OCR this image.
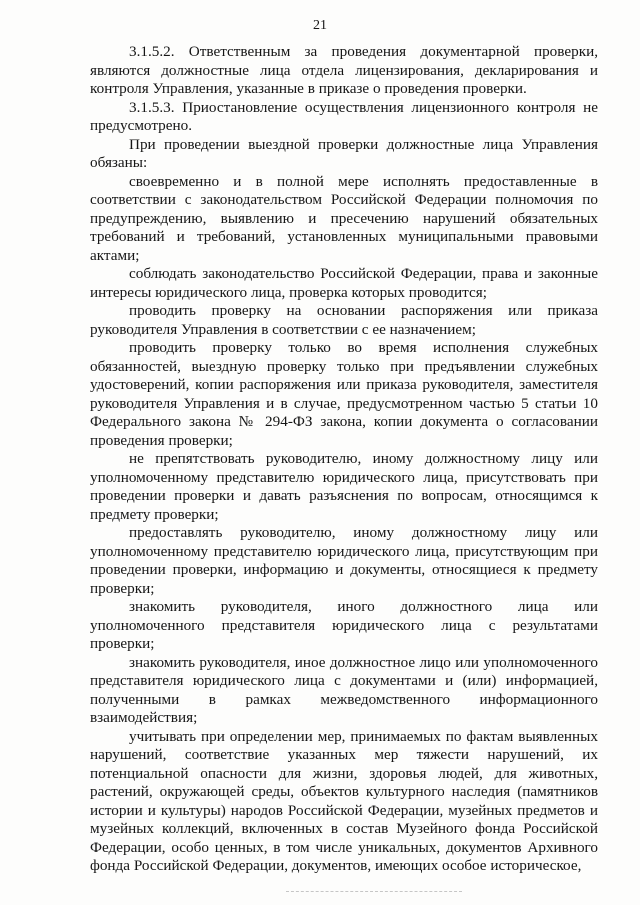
21

3.1.5.2. Ответственным за проведения документарной проверки, являются должностные лица отдела лицензирования, декларирования и контроля Управления, указанные в приказе о проведения проверки.

3.1.5.3. Приостановление осуществления лицензионного контроля не предусмотрено.

При проведении выездной проверки должностные лица Управления обязаны:

своевременно и в полной мере исполнять предоставленные в соответствии с законодательством Российской Федерации полномочия по предупреждению, выявлению и пресечению нарушений обязательных требований и требований, установленных муниципальными правовыми актами;

соблюдать законодательство Российской Федерации, права и законные интересы юридического лица, проверка которых проводится;

проводить проверку на основании распоряжения или приказа руководителя Управления в соответствии с ее назначением;

проводить проверку только во время исполнения служебных обязанностей, выездную проверку только при предъявлении служебных удостоверений, копии распоряжения или приказа руководителя, заместителя руководителя Управления и в случае, предусмотренном частью 5 статьи 10 Федерального закона № 294-ФЗ закона, копии документа о согласовании проведения проверки;

не препятствовать руководителю, иному должностному лицу или уполномоченному представителю юридического лица, присутствовать при проведении проверки и давать разъяснения по вопросам, относящимся к предмету проверки;

предоставлять руководителю, иному должностному лицу или уполномоченному представителю юридического лица, присутствующим при проведении проверки, информацию и документы, относящиеся к предмету проверки;

знакомить руководителя, иного должностного лица или уполномоченного представителя юридического лица с результатами проверки;

знакомить руководителя, иное должностное лицо или уполномоченного представителя юридического лица с документами и (или) информацией, полученными в рамках межведомственного информационного взаимодействия;

учитывать при определении мер, принимаемых по фактам выявленных нарушений, соответствие указанных мер тяжести нарушений, их потенциальной опасности для жизни, здоровья людей, для животных, растений, окружающей среды, объектов культурного наследия (памятников истории и культуры) народов Российской Федерации, музейных предметов и музейных коллекций, включенных в состав Музейного фонда Российской Федерации, особо ценных, в том числе уникальных, документов Архивного фонда Российской Федерации, документов, имеющих особое историческое,
